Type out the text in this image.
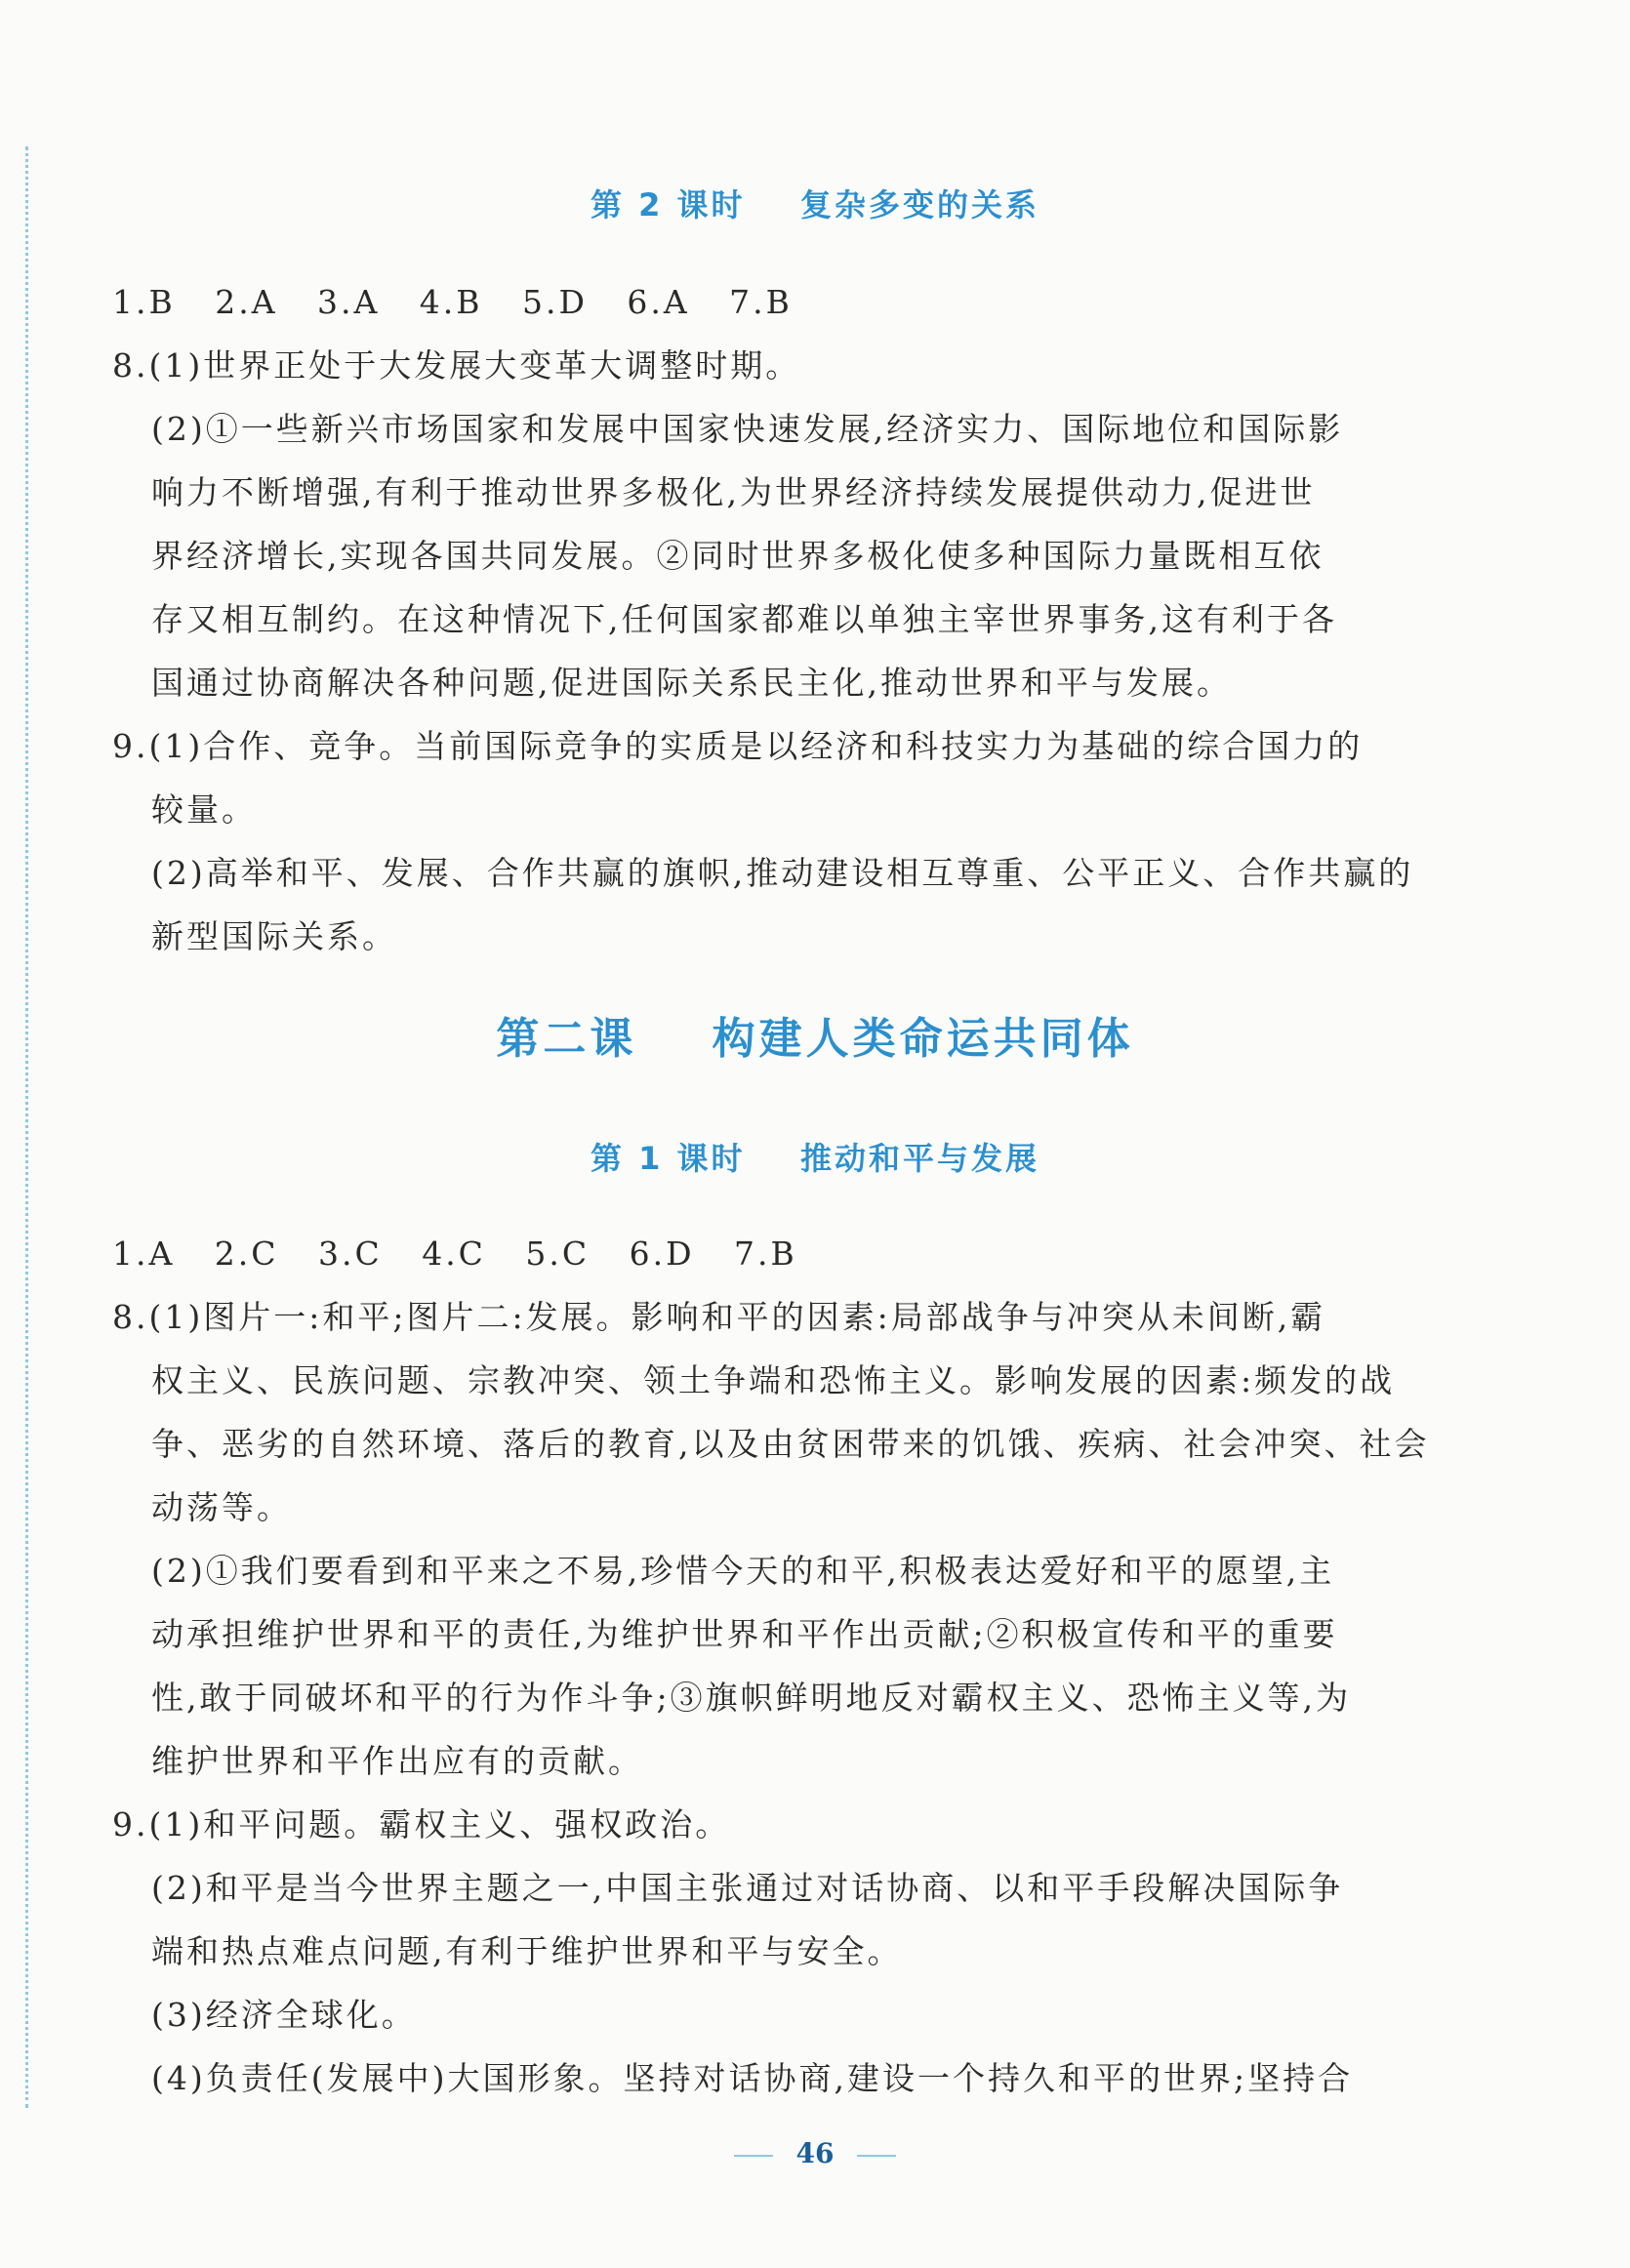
第 2 课时    复杂多变的关系
1.B   2.A   3.A   4.B   5.D   6.A   7.B
8.(1)世界正处于大发展大变革大调整时期。
(2)①一些新兴市场国家和发展中国家快速发展,经济实力、国际地位和国际影
响力不断增强,有利于推动世界多极化,为世界经济持续发展提供动力,促进世
界经济增长,实现各国共同发展。②同时世界多极化使多种国际力量既相互依
存又相互制约。在这种情况下,任何国家都难以单独主宰世界事务,这有利于各
国通过协商解决各种问题,促进国际关系民主化,推动世界和平与发展。
9.(1)合作、竞争。当前国际竞争的实质是以经济和科技实力为基础的综合国力的
较量。
(2)高举和平、发展、合作共赢的旗帜,推动建设相互尊重、公平正义、合作共赢的
新型国际关系。
第二课    构建人类命运共同体
第 1 课时    推动和平与发展
1.A   2.C   3.C   4.C   5.C   6.D   7.B
8.(1)图片一:和平;图片二:发展。影响和平的因素:局部战争与冲突从未间断,霸
权主义、民族问题、宗教冲突、领土争端和恐怖主义。影响发展的因素:频发的战
争、恶劣的自然环境、落后的教育,以及由贫困带来的饥饿、疾病、社会冲突、社会
动荡等。
(2)①我们要看到和平来之不易,珍惜今天的和平,积极表达爱好和平的愿望,主
动承担维护世界和平的责任,为维护世界和平作出贡献;②积极宣传和平的重要
性,敢于同破坏和平的行为作斗争;③旗帜鲜明地反对霸权主义、恐怖主义等,为
维护世界和平作出应有的贡献。
9.(1)和平问题。霸权主义、强权政治。
(2)和平是当今世界主题之一,中国主张通过对话协商、以和平手段解决国际争
端和热点难点问题,有利于维护世界和平与安全。
(3)经济全球化。
(4)负责任(发展中)大国形象。坚持对话协商,建设一个持久和平的世界;坚持合
46
